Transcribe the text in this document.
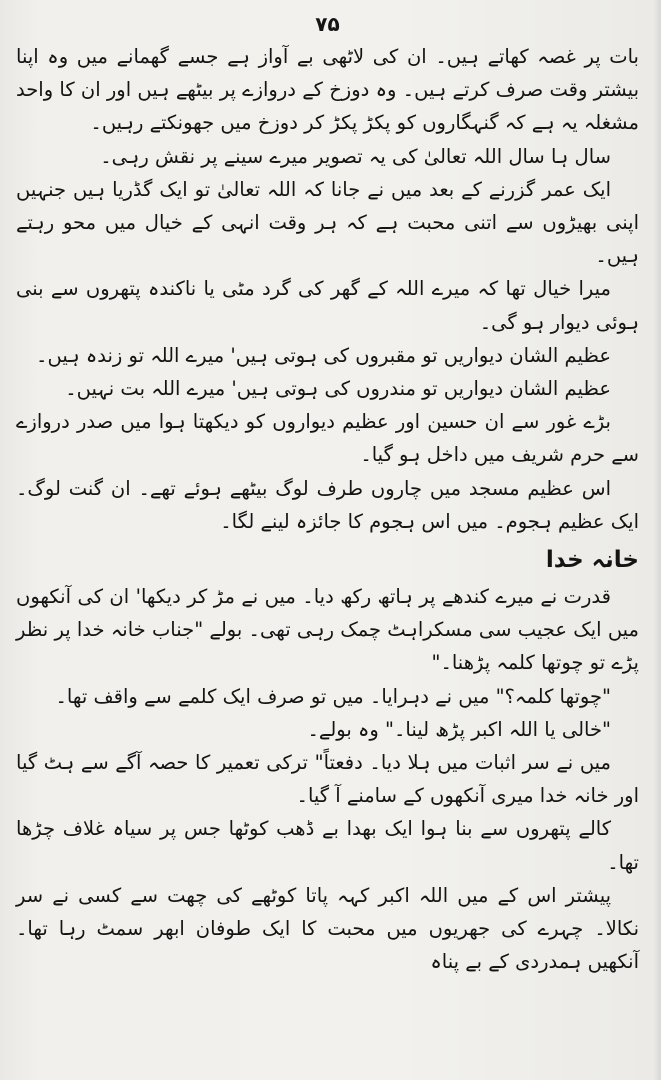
۷۵

بات پر غصہ کھاتے ہیں۔ ان کی لاٹھی بے آواز ہے جسے گھمانے میں وہ اپنا بیشتر وقت صرف کرتے ہیں۔ وہ دوزخ کے دروازے پر بیٹھے ہیں اور ان کا واحد مشغلہ یہ ہے کہ گنہگاروں کو پکڑ پکڑ کر دوزخ میں جھونکتے رہیں۔

سال ہا سال اللہ تعالیٰ کی یہ تصویر میرے سینے پر نقش رہی۔

ایک عمر گزرنے کے بعد میں نے جانا کہ اللہ تعالیٰ تو ایک گڈریا ہیں جنہیں اپنی بھیڑوں سے اتنی محبت ہے کہ ہر وقت انہی کے خیال میں محو رہتے ہیں۔

میرا خیال تھا کہ میرے اللہ کے گھر کی گرد مٹی یا ناکندہ پتھروں سے بنی ہوئی دیوار ہو گی۔

عظیم الشان دیواریں تو مقبروں کی ہوتی ہیں' میرے اللہ تو زندہ ہیں۔

عظیم الشان دیواریں تو مندروں کی ہوتی ہیں' میرے اللہ بت نہیں۔

بڑے غور سے ان حسین اور عظیم دیواروں کو دیکھتا ہوا میں صدر دروازے سے حرم شریف میں داخل ہو گیا۔

اس عظیم مسجد میں چاروں طرف لوگ بیٹھے ہوئے تھے۔ ان گنت لوگ۔ ایک عظیم ہجوم۔ میں اس ہجوم کا جائزہ لینے لگا۔

خانہ خدا

قدرت نے میرے کندھے پر ہاتھ رکھ دیا۔ میں نے مڑ کر دیکھا' ان کی آنکھوں میں ایک عجیب سی مسکراہٹ چمک رہی تھی۔ بولے "جناب خانہ خدا پر نظر پڑے تو چوتھا کلمہ پڑھنا۔"

"چوتھا کلمہ؟" میں نے دہرایا۔ میں تو صرف ایک کلمے سے واقف تھا۔

"خالی یا اللہ اکبر پڑھ لینا۔" وہ بولے۔

میں نے سر اثبات میں ہلا دیا۔ دفعتاً" ترکی تعمیر کا حصہ آگے سے ہٹ گیا اور خانہ خدا میری آنکھوں کے سامنے آ گیا۔

کالے پتھروں سے بنا ہوا ایک بھدا بے ڈھب کوٹھا جس پر سیاہ غلاف چڑھا تھا۔

پیشتر اس کے میں اللہ اکبر کہہ پاتا کوٹھے کی چھت سے کسی نے سر نکالا۔ چہرے کی جھریوں میں محبت کا ایک طوفان ابھر سمٹ رہا تھا۔ آنکھیں ہمدردی کے بے پناہ
